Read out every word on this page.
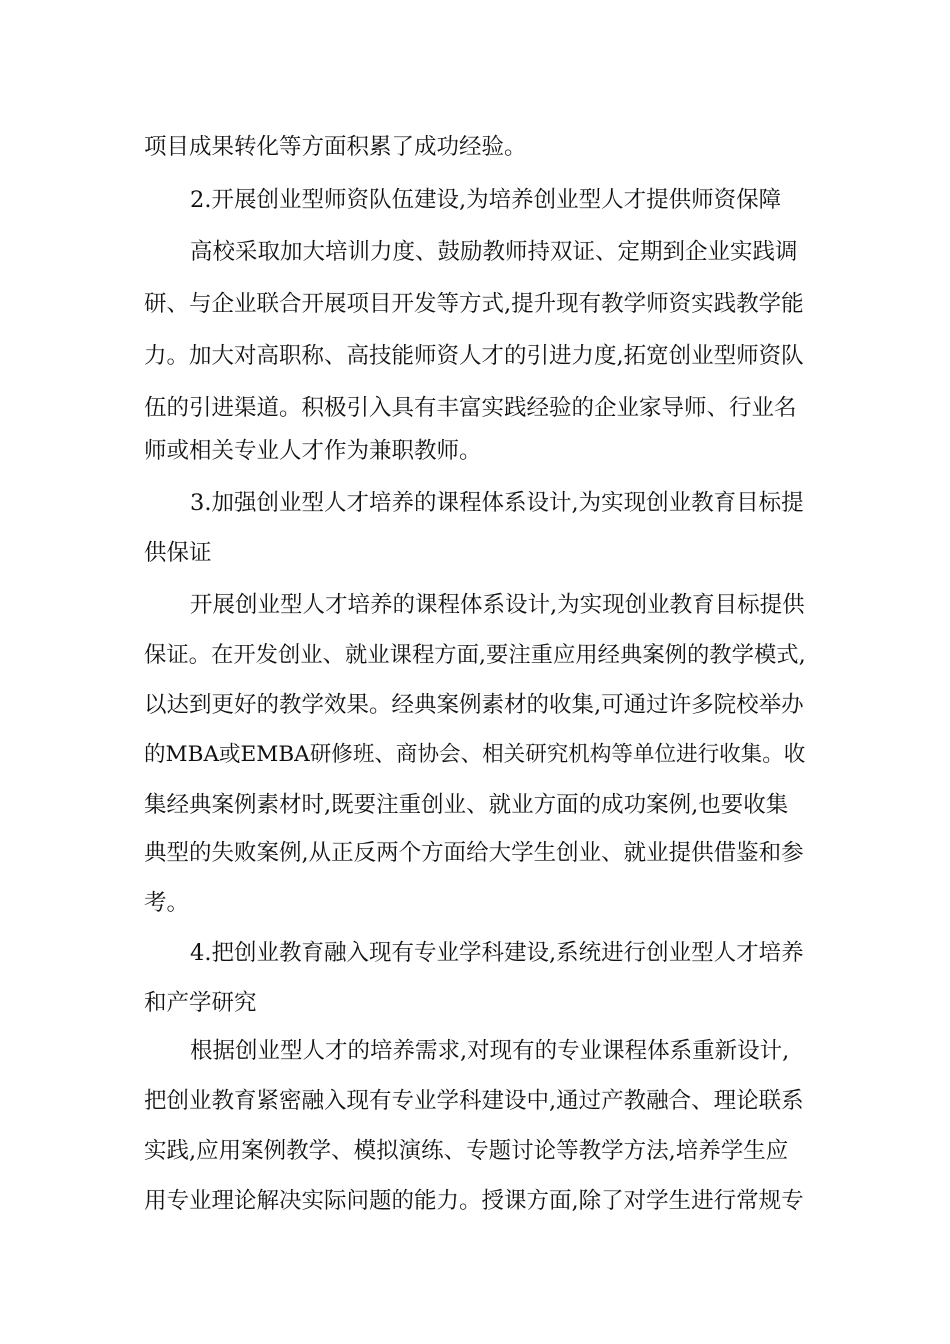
项目成果转化等方面积累了成功经验。
2.开展创业型师资队伍建设,为培养创业型人才提供师资保障
高校采取加大培训力度、鼓励教师持双证、定期到企业实践调
研、与企业联合开展项目开发等方式,提升现有教学师资实践教学能
力。加大对高职称、高技能师资人才的引进力度,拓宽创业型师资队
伍的引进渠道。积极引入具有丰富实践经验的企业家导师、行业名
师或相关专业人才作为兼职教师。
3.加强创业型人才培养的课程体系设计,为实现创业教育目标提
供保证
开展创业型人才培养的课程体系设计,为实现创业教育目标提供
保证。在开发创业、就业课程方面,要注重应用经典案例的教学模式,
以达到更好的教学效果。经典案例素材的收集,可通过许多院校举办
的MBA或EMBA研修班、商协会、相关研究机构等单位进行收集。收
集经典案例素材时,既要注重创业、就业方面的成功案例,也要收集
典型的失败案例,从正反两个方面给大学生创业、就业提供借鉴和参
考。
4.把创业教育融入现有专业学科建设,系统进行创业型人才培养
和产学研究
根据创业型人才的培养需求,对现有的专业课程体系重新设计,
把创业教育紧密融入现有专业学科建设中,通过产教融合、理论联系
实践,应用案例教学、模拟演练、专题讨论等教学方法,培养学生应
用专业理论解决实际问题的能力。授课方面,除了对学生进行常规专
